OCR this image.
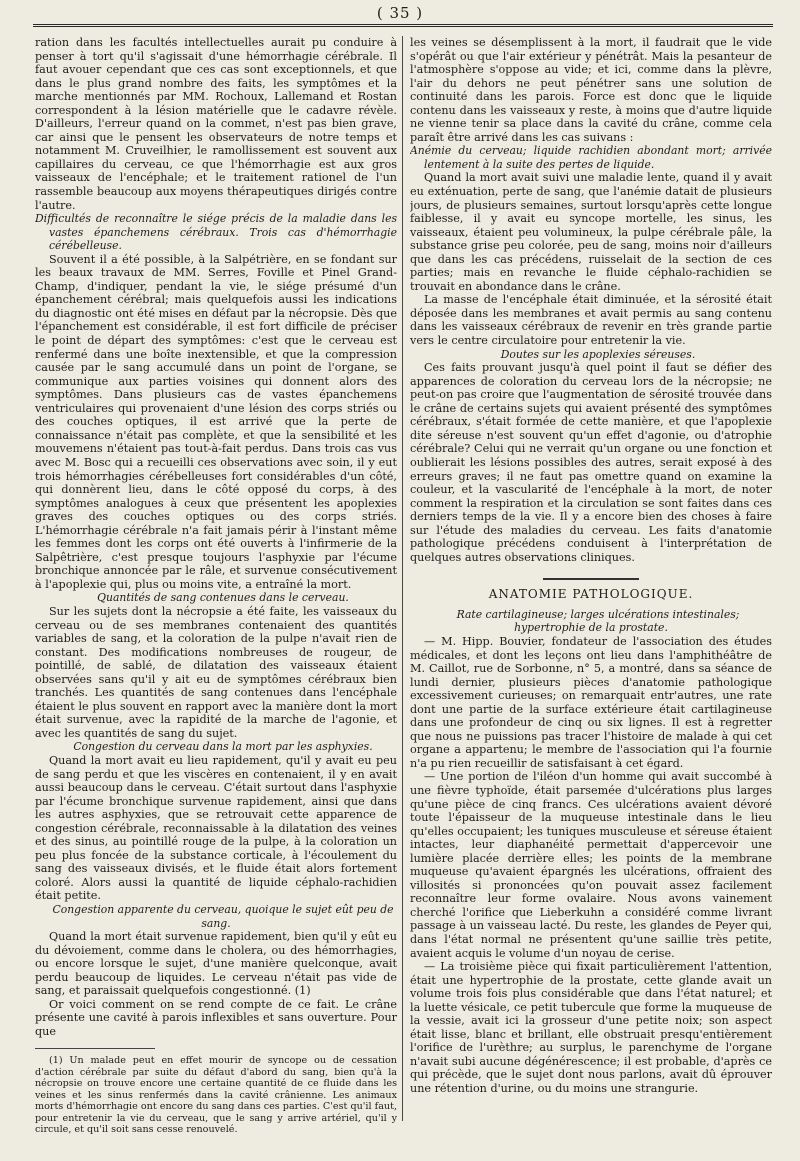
( 35 )

ration dans les facultés intellectuelles aurait pu conduire à penser à tort qu'il s'agissait d'une hémorrhagie cérébrale. Il faut avouer cependant que ces cas sont exceptionnels, et que dans le plus grand nombre des faits, les symptômes et la marche mentionnés par MM. Rochoux, Lallemand et Rostan correspondent à la lésion matérielle que le cadavre révèle. D'ailleurs, l'erreur quand on la commet, n'est pas bien grave, car ainsi que le pensent les observateurs de notre temps et notamment M. Cruveilhier, le ramollissement est souvent aux capillaires du cerveau, ce que l'hémorrhagie est aux gros vaisseaux de l'encéphale; et le traitement rationel de l'un rassemble beaucoup aux moyens thérapeutiques dirigés contre l'autre.

Difficultés de reconnaître le siége précis de la maladie dans les vastes épanchemens cérébraux. Trois cas d'hémorrhagie cérébelleuse.

Souvent il a été possible, à la Salpétrière, en se fondant sur les beaux travaux de MM. Serres, Foville et Pinel Grand-Champ, d'indiquer, pendant la vie, le siége présumé d'un épanchement cérébral; mais quelquefois aussi les indications du diagnostic ont été mises en défaut par la nécropsie. Dès que l'épanchement est considérable, il est fort difficile de préciser le point de départ des symptômes: c'est que le cerveau est renfermé dans une boîte inextensible, et que la compression causée par le sang accumulé dans un point de l'organe, se communique aux parties voisines qui donnent alors des symptômes. Dans plusieurs cas de vastes épanchemens ventriculaires qui provenaient d'une lésion des corps striés ou des couches optiques, il est arrivé que la perte de connaissance n'était pas complète, et que la sensibilité et les mouvemens n'étaient pas tout-à-fait perdus. Dans trois cas vus avec M. Bosc qui a recueilli ces observations avec soin, il y eut trois hémorrhagies cérébelleuses fort considérables d'un côté, qui donnèrent lieu, dans le côté opposé du corps, à des symptômes analogues à ceux que présentent les apoplexies graves des couches optiques ou des corps striés. L'hémorrhagie cérébrale n'a fait jamais périr à l'instant même les femmes dont les corps ont été ouverts à l'infirmerie de la Salpêtrière, c'est presque toujours l'asphyxie par l'écume bronchique annoncée par le râle, et survenue consécutivement à l'apoplexie qui, plus ou moins vite, a entraîné la mort.

Quantités de sang contenues dans le cerveau.

Sur les sujets dont la nécropsie a été faite, les vaisseaux du cerveau ou de ses membranes contenaient des quantités variables de sang, et la coloration de la pulpe n'avait rien de constant. Des modifications nombreuses de rougeur, de pointillé, de sablé, de dilatation des vaisseaux étaient observées sans qu'il y ait eu de symptômes cérébraux bien tranchés. Les quantités de sang contenues dans l'encéphale étaient le plus souvent en rapport avec la manière dont la mort était survenue, avec la rapidité de la marche de l'agonie, et avec les quantités de sang du sujet.

Congestion du cerveau dans la mort par les asphyxies.

Quand la mort avait eu lieu rapidement, qu'il y avait eu peu de sang perdu et que les viscères en contenaient, il y en avait aussi beaucoup dans le cerveau. C'était surtout dans l'asphyxie par l'écume bronchique survenue rapidement, ainsi que dans les autres asphyxies, que se retrouvait cette apparence de congestion cérébrale, reconnaissable à la dilatation des veines et des sinus, au pointillé rouge de la pulpe, à la coloration un peu plus foncée de la substance corticale, à l'écoulement du sang des vaisseaux divisés, et le fluide était alors fortement coloré. Alors aussi la quantité de liquide céphalo-rachidien était petite.

Congestion apparente du cerveau, quoique le sujet eût peu de sang.

Quand la mort était survenue rapidement, bien qu'il y eût eu du dévoiement, comme dans le cholera, ou des hémorrhagies, ou encore lorsque le sujet, d'une manière quelconque, avait perdu beaucoup de liquides. Le cerveau n'était pas vide de sang, et paraissait quelquefois congestionné. (1)

Or voici comment on se rend compte de ce fait. Le crâne présente une cavité à parois inflexibles et sans ouverture. Pour que

(1) Un malade peut en effet mourir de syncope ou de cessation d'action cérébrale par suite du défaut d'abord du sang, bien qu'à la nécropsie on trouve encore une certaine quantité de ce fluide dans les veines et les sinus renfermés dans la cavité crânienne. Les animaux morts d'hémorrhagie ont encore du sang dans ces parties. C'est qu'il faut, pour entretenir la vie du cerveau, que le sang y arrive artériel, qu'il y circule, et qu'il soit sans cesse renouvelé.

les veines se désemplissent à la mort, il faudrait que le vide s'opérât ou que l'air extérieur y pénétrât. Mais la pesanteur de l'atmosphère s'oppose au vide; et ici, comme dans la plèvre, l'air du dehors ne peut pénétrer sans une solution de continuité dans les parois. Force est donc que le liquide contenu dans les vaisseaux y reste, à moins que d'autre liquide ne vienne tenir sa place dans la cavité du crâne, comme cela paraît être arrivé dans les cas suivans :

Anémie du cerveau; liquide rachidien abondant mort; arrivée lentement à la suite des pertes de liquide.

Quand la mort avait suivi une maladie lente, quand il y avait eu exténuation, perte de sang, que l'anémie datait de plusieurs jours, de plusieurs semaines, surtout lorsqu'après cette longue faiblesse, il y avait eu syncope mortelle, les sinus, les vaisseaux, étaient peu volumineux, la pulpe cérébrale pâle, la substance grise peu colorée, peu de sang, moins noir d'ailleurs que dans les cas précédens, ruisselait de la section de ces parties; mais en revanche le fluide céphalo-rachidien se trouvait en abondance dans le crâne.

La masse de l'encéphale était diminuée, et la sérosité était déposée dans les membranes et avait permis au sang contenu dans les vaisseaux cérébraux de revenir en très grande partie vers le centre circulatoire pour entretenir la vie.

Doutes sur les apoplexies séreuses.

Ces faits prouvant jusqu'à quel point il faut se défier des apparences de coloration du cerveau lors de la nécropsie; ne peut-on pas croire que l'augmentation de sérosité trouvée dans le crâne de certains sujets qui avaient présenté des symptômes cérébraux, s'était formée de cette manière, et que l'apoplexie dite séreuse n'est souvent qu'un effet d'agonie, ou d'atrophie cérébrale? Celui qui ne verrait qu'un organe ou une fonction et oublierait les lésions possibles des autres, serait exposé à des erreurs graves; il ne faut pas omettre quand on examine la couleur, et la vascularité de l'encéphale à la mort, de noter comment la respiration et la circulation se sont faites dans ces derniers temps de la vie. Il y a encore bien des choses à faire sur l'étude des maladies du cerveau. Les faits d'anatomie pathologique précédens conduisent à l'interprétation de quelques autres observations cliniques.

ANATOMIE PATHOLOGIQUE.

Rate cartilagineuse; larges ulcérations intestinales; hypertrophie de la prostate.

— M. Hipp. Bouvier, fondateur de l'association des études médicales, et dont les leçons ont lieu dans l'amphithéâtre de M. Caillot, rue de Sorbonne, n° 5, a montré, dans sa séance de lundi dernier, plusieurs pièces d'anatomie pathologique excessivement curieuses; on remarquait entr'autres, une rate dont une partie de la surface extérieure était cartilagineuse dans une profondeur de cinq ou six lignes. Il est à regretter que nous ne puissions pas tracer l'histoire de malade à qui cet organe a appartenu; le membre de l'association qui l'a fournie n'a pu rien recueillir de satisfaisant à cet égard.

— Une portion de l'iléon d'un homme qui avait succombé à une fièvre typhoïde, était parsemée d'ulcérations plus larges qu'une pièce de cinq francs. Ces ulcérations avaient dévoré toute l'épaisseur de la muqueuse intestinale dans le lieu qu'elles occupaient; les tuniques musculeuse et séreuse étaient intactes, leur diaphanéité permettait d'appercevoir une lumière placée derrière elles; les points de la membrane muqueuse qu'avaient épargnés les ulcérations, offraient des villosités si prononcées qu'on pouvait assez facilement reconnaître leur forme ovalaire. Nous avons vainement cherché l'orifice que Lieberkuhn a considéré comme livrant passage à un vaisseau lacté. Du reste, les glandes de Peyer qui, dans l'état normal ne présentent qu'une saillie très petite, avaient acquis le volume d'un noyau de cerise.

— La troisième pièce qui fixait particulièrement l'attention, était une hypertrophie de la prostate, cette glande avait un volume trois fois plus considérable que dans l'état naturel; et la luette vésicale, ce petit tubercule que forme la muqueuse de la vessie, avait ici la grosseur d'une petite noix; son aspect était lisse, blanc et brillant, elle obstruait presqu'entièrement l'orifice de l'urèthre; au surplus, le parenchyme de l'organe n'avait subi aucune dégénérescence; il est probable, d'après ce qui précède, que le sujet dont nous parlons, avait dû éprouver une rétention d'urine, ou du moins une strangurie.
